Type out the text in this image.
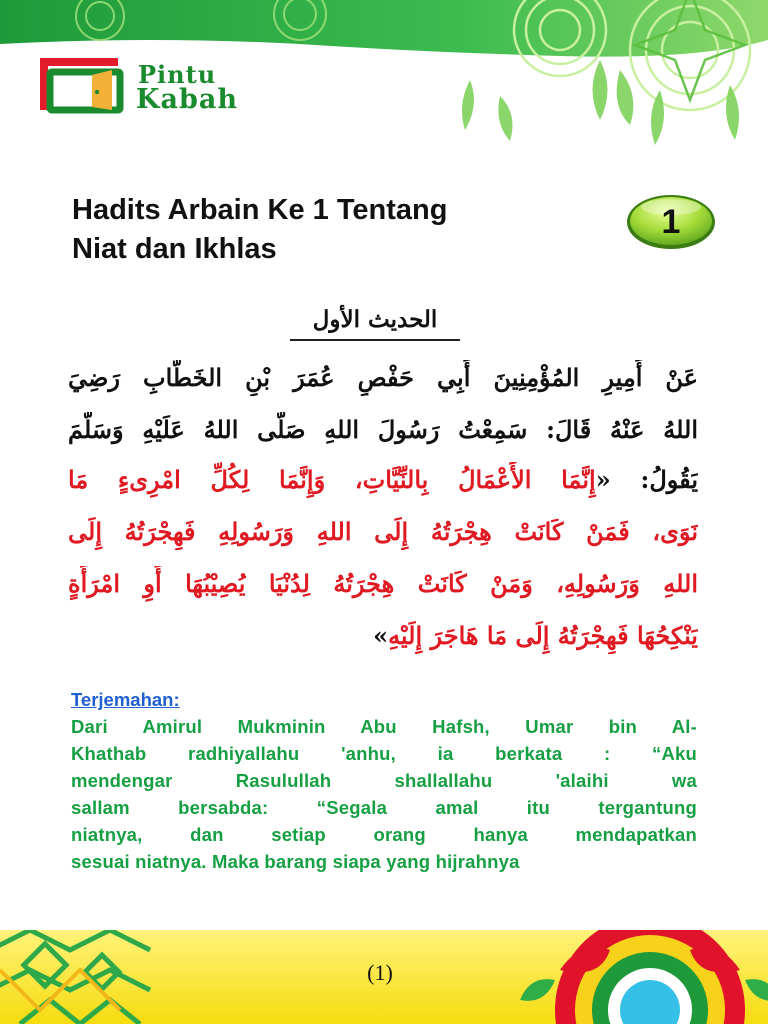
Pintu
Kabah
Hadits Arbain Ke 1 Tentang
Niat dan Ikhlas
1
الحديث الأول
عَنْ أَمِيرِ المُؤْمِنِينَ أَبِي حَفْصٍ عُمَرَ بْنِ الخَطَّابِ رَضِيَ
اللهُ عَنْهُ قَالَ: سَمِعْتُ رَسُولَ اللهِ صَلَّى اللهُ عَلَيْهِ وَسَلَّمَ
يَقُولُ: «إِنَّمَا الأَعْمَالُ بِالنِّيَّاتِ، وَإِنَّمَا لِكُلِّ امْرِىءٍ مَا
نَوَى، فَمَنْ كَانَتْ هِجْرَتُهُ إِلَى اللهِ وَرَسُولِهِ فَهِجْرَتُهُ إِلَى
اللهِ وَرَسُولِهِ، وَمَنْ كَانَتْ هِجْرَتُهُ لِدُنْيَا يُصِيْبُهَا أَوِ امْرَأَةٍ
يَنْكِحُهَا فَهِجْرَتُهُ إِلَى مَا هَاجَرَ إِلَيْهِ»
Terjemahan:
Dari Amirul Mukminin Abu Hafsh, Umar bin Al-
Khathab radhiyallahu 'anhu, ia berkata : “Aku
mendengar Rasulullah shallallahu 'alaihi wa
sallam bersabda: “Segala amal itu tergantung
niatnya, dan setiap orang hanya mendapatkan
sesuai niatnya. Maka barang siapa yang hijrahnya
(1)
